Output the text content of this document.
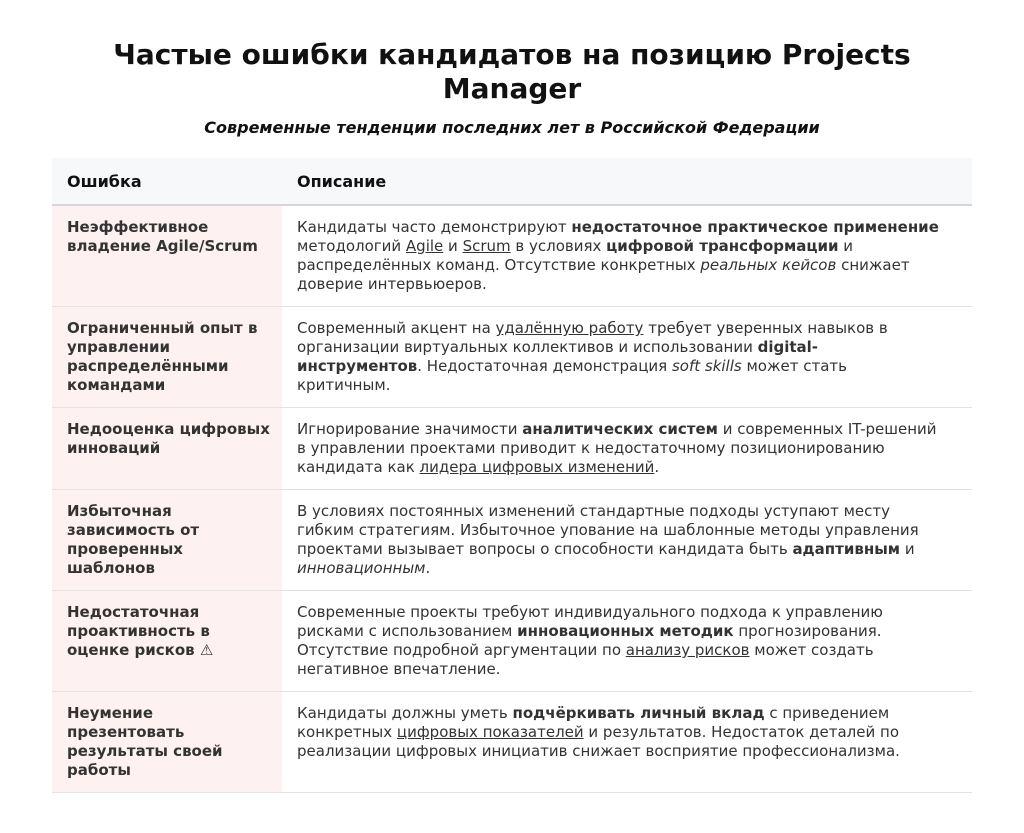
Частые ошибки кандидатов на позицию Projects Manager
Современные тенденции последних лет в Российской Федерации
Ошибка	Описание
Неэффективное владение Agile/Scrum	Кандидаты часто демонстрируют недостаточное практическое применение методологий Agile и Scrum в условиях цифровой трансформации и распределённых команд. Отсутствие конкретных реальных кейсов снижает доверие интервьюеров.
Ограниченный опыт в управлении распределёнными командами	Современный акцент на удалённую работу требует уверенных навыков в организации виртуальных коллективов и использовании digital-инструментов. Недостаточная демонстрация soft skills может стать критичным.
Недооценка цифровых инноваций	Игнорирование значимости аналитических систем и современных IT-решений в управлении проектами приводит к недостаточному позиционированию кандидата как лидера цифровых изменений.
Избыточная зависимость от проверенных шаблонов	В условиях постоянных изменений стандартные подходы уступают месту гибким стратегиям. Избыточное упование на шаблонные методы управления проектами вызывает вопросы о способности кандидата быть адаптивным и инновационным.
Недостаточная проактивность в оценке рисков ⚠	Современные проекты требуют индивидуального подхода к управлению рисками с использованием инновационных методик прогнозирования. Отсутствие подробной аргументации по анализу рисков может создать негативное впечатление.
Неумение презентовать результаты своей работы	Кандидаты должны уметь подчёркивать личный вклад с приведением конкретных цифровых показателей и результатов. Недостаток деталей по реализации цифровых инициатив снижает восприятие профессионализма.
